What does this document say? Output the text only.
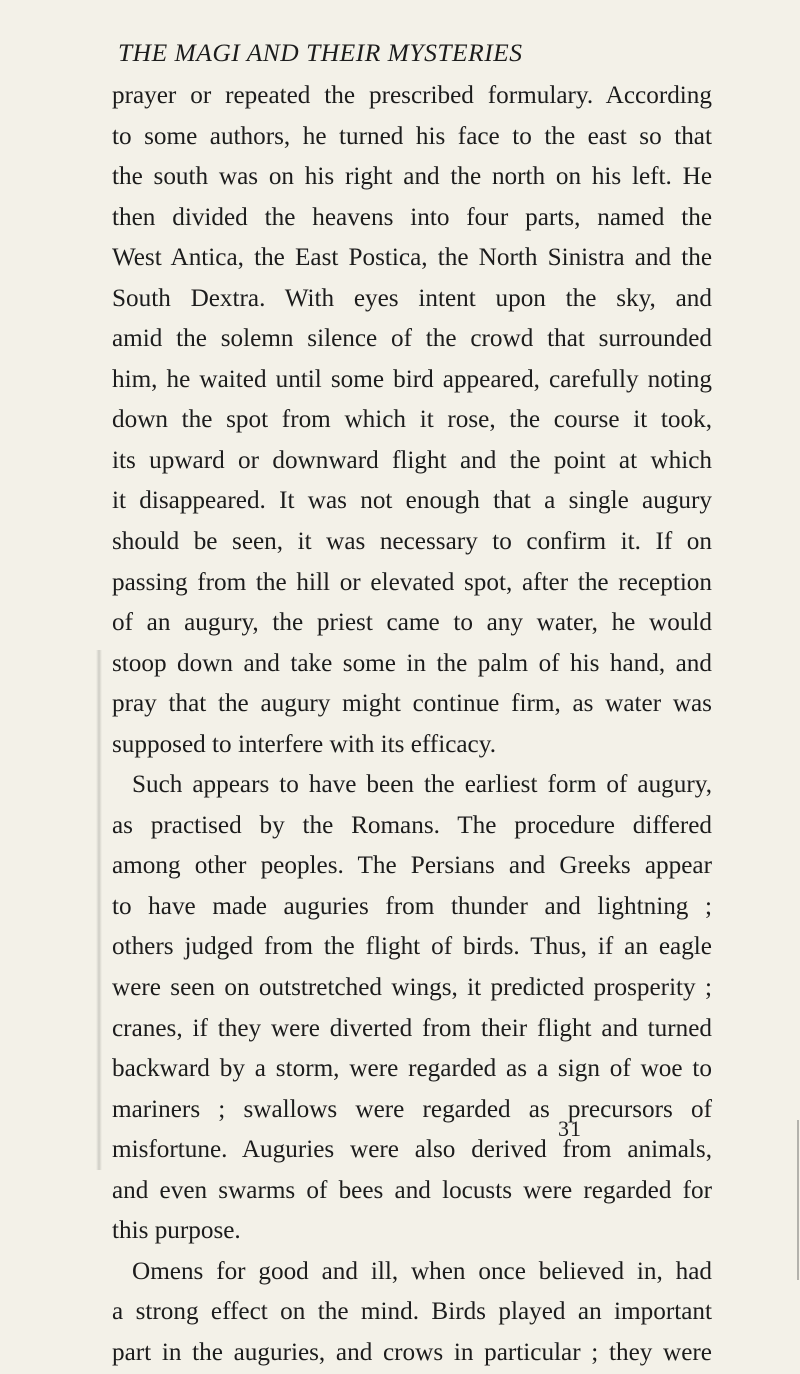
THE MAGI AND THEIR MYSTERIES
prayer or repeated the prescribed formulary. According
to some authors, he turned his face to the east so that
the south was on his right and the north on his left. He
then divided the heavens into four parts, named the
West Antica, the East Postica, the North Sinistra and the
South Dextra. With eyes intent upon the sky, and
amid the solemn silence of the crowd that surrounded
him, he waited until some bird appeared, carefully noting
down the spot from which it rose, the course it took,
its upward or downward flight and the point at which
it disappeared. It was not enough that a single augury
should be seen, it was necessary to confirm it. If on
passing from the hill or elevated spot, after the reception
of an augury, the priest came to any water, he would
stoop down and take some in the palm of his hand, and
pray that the augury might continue firm, as water was
supposed to interfere with its efficacy.
Such appears to have been the earliest form of augury,
as practised by the Romans. The procedure differed
among other peoples. The Persians and Greeks appear
to have made auguries from thunder and lightning ;
others judged from the flight of birds. Thus, if an eagle
were seen on outstretched wings, it predicted prosperity ;
cranes, if they were diverted from their flight and turned
backward by a storm, were regarded as a sign of woe to
mariners ; swallows were regarded as precursors of
misfortune. Auguries were also derived from animals,
and even swarms of bees and locusts were regarded for
this purpose.
Omens for good and ill, when once believed in, had
a strong effect on the mind. Birds played an important
part in the auguries, and crows in particular ; they were
31
